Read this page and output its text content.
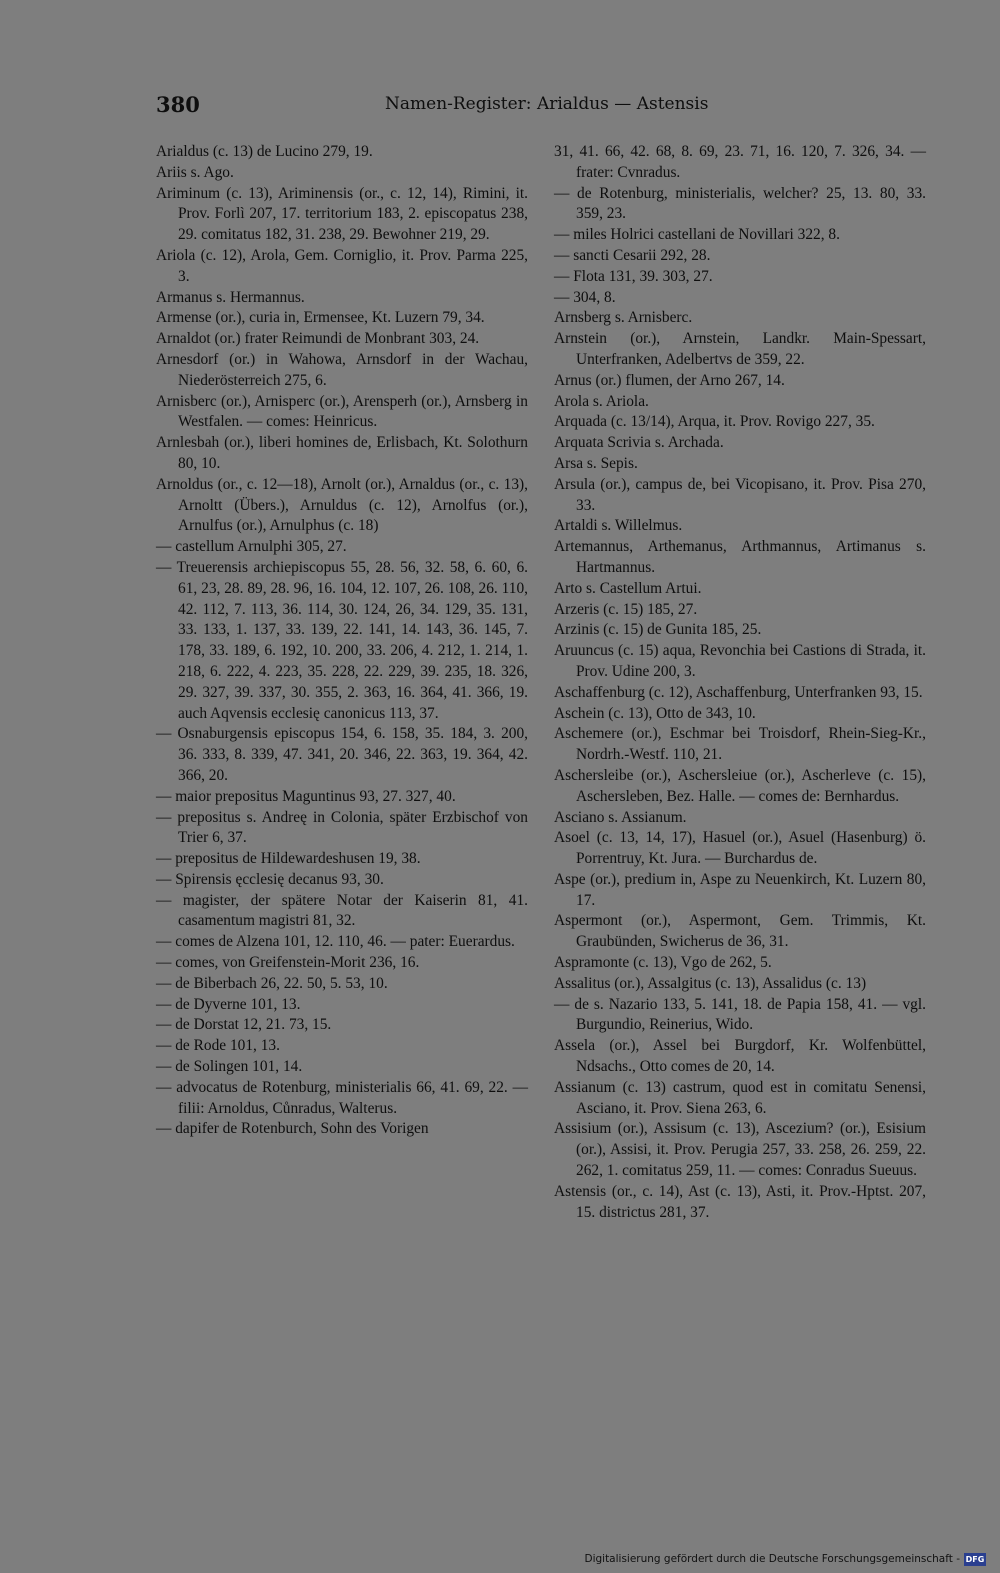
380	Namen-Register: Arialdus — Astensis

Arialdus (c. 13) de Lucino 279, 19.

Ariis s. Ago.

Ariminum (c. 13), Ariminensis (or., c. 12, 14), Rimini, it. Prov. Forlì 207, 17. territorium 183, 2. episcopatus 238, 29. comitatus 182, 31. 238, 29. Bewohner 219, 29.

Ariola (c. 12), Arola, Gem. Corniglio, it. Prov. Parma 225, 3.

Armanus s. Hermannus.

Armense (or.), curia in, Ermensee, Kt. Luzern 79, 34.

Arnaldot (or.) frater Reimundi de Monbrant 303, 24.

Arnesdorf (or.) in Wahowa, Arnsdorf in der Wachau, Niederösterreich 275, 6.

Arnisberc (or.), Arnisperc (or.), Arensperh (or.), Arnsberg in Westfalen. — comes: Heinricus.

Arnlesbah (or.), liberi homines de, Erlisbach, Kt. Solothurn 80, 10.

Arnoldus (or., c. 12—18), Arnolt (or.), Arnaldus (or., c. 13), Arnoltt (Übers.), Arnuldus (c. 12), Arnolfus (or.), Arnulfus (or.), Arnulphus (c. 18)

— castellum Arnulphi 305, 27.

— Treuerensis archiepiscopus 55, 28. 56, 32. 58, 6. 60, 6. 61, 23, 28. 89, 28. 96, 16. 104, 12. 107, 26. 108, 26. 110, 42. 112, 7. 113, 36. 114, 30. 124, 26, 34. 129, 35. 131, 33. 133, 1. 137, 33. 139, 22. 141, 14. 143, 36. 145, 7. 178, 33. 189, 6. 192, 10. 200, 33. 206, 4. 212, 1. 214, 1. 218, 6. 222, 4. 223, 35. 228, 22. 229, 39. 235, 18. 326, 29. 327, 39. 337, 30. 355, 2. 363, 16. 364, 41. 366, 19. auch Aqvensis ecclesię canonicus 113, 37.

— Osnaburgensis episcopus 154, 6. 158, 35. 184, 3. 200, 36. 333, 8. 339, 47. 341, 20. 346, 22. 363, 19. 364, 42. 366, 20.

— maior prepositus Maguntinus 93, 27. 327, 40.

— prepositus s. Andreę in Colonia, später Erzbischof von Trier 6, 37.

— prepositus de Hildewardeshusen 19, 38.

— Spirensis ęcclesię decanus 93, 30.

— magister, der spätere Notar der Kaiserin 81, 41. casamentum magistri 81, 32.

— comes de Alzena 101, 12. 110, 46. — pater: Euerardus.

— comes, von Greifenstein-Morit 236, 16.

— de Biberbach 26, 22. 50, 5. 53, 10.

— de Dyverne 101, 13.

— de Dorstat 12, 21. 73, 15.

— de Rode 101, 13.

— de Solingen 101, 14.

— advocatus de Rotenburg, ministerialis 66, 41. 69, 22. — filii: Arnoldus, Cůnradus, Walterus.

— dapifer de Rotenburch, Sohn des Vorigen

31, 41. 66, 42. 68, 8. 69, 23. 71, 16. 120, 7. 326, 34. — frater: Cvnradus.

— de Rotenburg, ministerialis, welcher? 25, 13. 80, 33. 359, 23.

— miles Holrici castellani de Novillari 322, 8.

— sancti Cesarii 292, 28.

— Flota 131, 39. 303, 27.

— 304, 8.

Arnsberg s. Arnisberc.

Arnstein (or.), Arnstein, Landkr. Main-Spessart, Unterfranken, Adelbertvs de 359, 22.

Arnus (or.) flumen, der Arno 267, 14.

Arola s. Ariola.

Arquada (c. 13/14), Arqua, it. Prov. Rovigo 227, 35.

Arquata Scrivia s. Archada.

Arsa s. Sepis.

Arsula (or.), campus de, bei Vicopisano, it. Prov. Pisa 270, 33.

Artaldi s. Willelmus.

Artemannus, Arthemanus, Arthmannus, Artimanus s. Hartmannus.

Arto s. Castellum Artui.

Arzeris (c. 15) 185, 27.

Arzinis (c. 15) de Gunita 185, 25.

Aruuncus (c. 15) aqua, Revonchia bei Castions di Strada, it. Prov. Udine 200, 3.

Aschaffenburg (c. 12), Aschaffenburg, Unterfranken 93, 15.

Aschein (c. 13), Otto de 343, 10.

Aschemere (or.), Eschmar bei Troisdorf, Rhein-Sieg-Kr., Nordrh.-Westf. 110, 21.

Aschersleibe (or.), Aschersleiue (or.), Ascherleve (c. 15), Aschersleben, Bez. Halle. — comes de: Bernhardus.

Asciano s. Assianum.

Asoel (c. 13, 14, 17), Hasuel (or.), Asuel (Hasenburg) ö. Porrentruy, Kt. Jura. — Burchardus de.

Aspe (or.), predium in, Aspe zu Neuenkirch, Kt. Luzern 80, 17.

Aspermont (or.), Aspermont, Gem. Trimmis, Kt. Graubünden, Swicherus de 36, 31.

Aspramonte (c. 13), Vgo de 262, 5.

Assalitus (or.), Assalgitus (c. 13), Assalidus (c. 13)

— de s. Nazario 133, 5. 141, 18. de Papia 158, 41. — vgl. Burgundio, Reinerius, Wido.

Assela (or.), Assel bei Burgdorf, Kr. Wolfenbüttel, Ndsachs., Otto comes de 20, 14.

Assianum (c. 13) castrum, quod est in comitatu Senensi, Asciano, it. Prov. Siena 263, 6.

Assisium (or.), Assisum (c. 13), Ascezium? (or.), Esisium (or.), Assisi, it. Prov. Perugia 257, 33. 258, 26. 259, 22. 262, 1. comitatus 259, 11. — comes: Conradus Sueuus.

Astensis (or., c. 14), Ast (c. 13), Asti, it. Prov.-Hptst. 207, 15. districtus 281, 37.

Digitalisierung gefördert durch die Deutsche Forschungsgemeinschaft - DFG
